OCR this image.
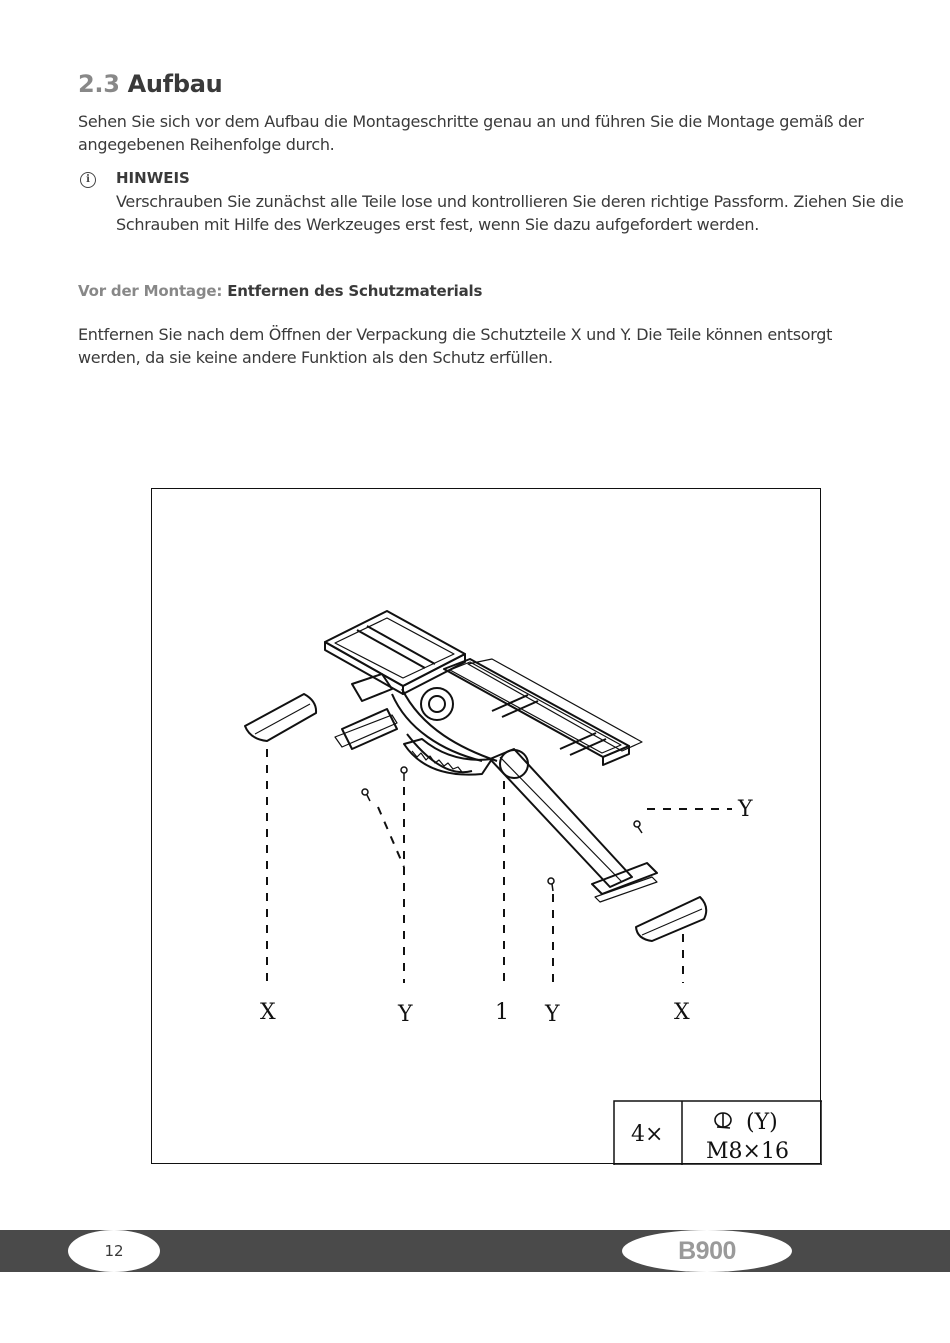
2.3 Aufbau
Sehen Sie sich vor dem Aufbau die Montageschritte genau an und führen Sie die Montage gemäß der angegebenen Reihenfolge durch.
i	HINWEIS
Verschrauben Sie zunächst alle Teile lose und kontrollieren Sie deren richtige Passform. Ziehen Sie die Schrauben mit Hilfe des Werkzeuges erst fest, wenn Sie dazu aufgefordert werden.
Vor der Montage: Entfernen des Schutzmaterials
Entfernen Sie nach dem Öffnen der Verpackung die Schutzteile X und Y. Die Teile können entsorgt werden, da sie keine andere Funktion als den Schutz erfüllen.
Y
X	Y	1 Y	X
4×	(Y)
M8×16
12	B900
